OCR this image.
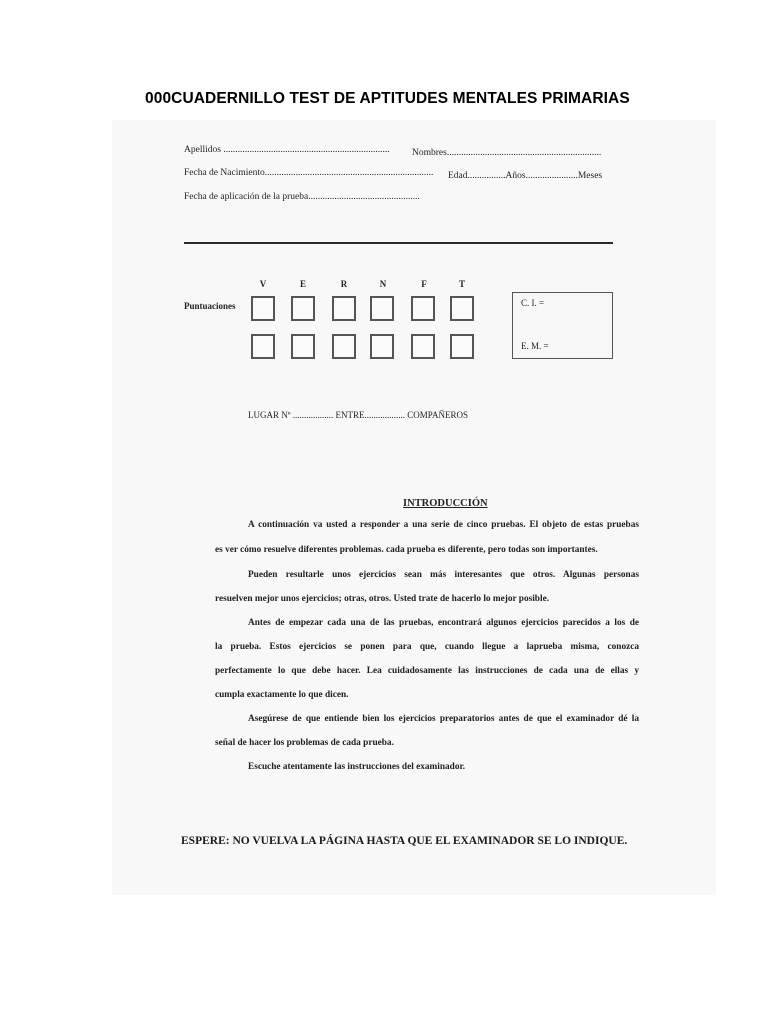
000CUADERNILLO TEST DE APTITUDES MENTALES PRIMARIAS
Apellidos ...................................................................... Nombres.................................................................
Fecha de Nacimiento....................................................................... Edad................Años......................Meses
Fecha de aplicación de la prueba...............................................
V	E	R	N	F	T
Puntuaciones	C. I. =
E. M. =
LUGAR Nº .................. ENTRE.................. COMPAÑEROS
INTRODUCCIÓN
A continuación va usted a responder a una serie de cinco pruebas. El objeto de estas pruebas
es ver cómo resuelve diferentes problemas. cada prueba es diferente, pero todas son importantes.
Pueden resultarle unos ejercicios sean más interesantes que otros. Algunas personas
resuelven mejor unos ejercicios; otras, otros. Usted trate de hacerlo lo mejor posible.
Antes de empezar cada una de las pruebas, encontrará algunos ejercicios parecidos a los de
la prueba. Estos ejercicios se ponen para que, cuando llegue a laprueba misma, conozca
perfectamente lo que debe hacer. Lea cuidadosamente las instrucciones de cada una de ellas y
cumpla exactamente lo que dicen.
Asegúrese de que entiende bien los ejercicios preparatorios antes de que el examinador dé la
señal de hacer los problemas de cada prueba.
Escuche atentamente las instrucciones del examinador.
ESPERE: NO VUELVA LA PÁGINA HASTA QUE EL EXAMINADOR SE LO INDIQUE.
